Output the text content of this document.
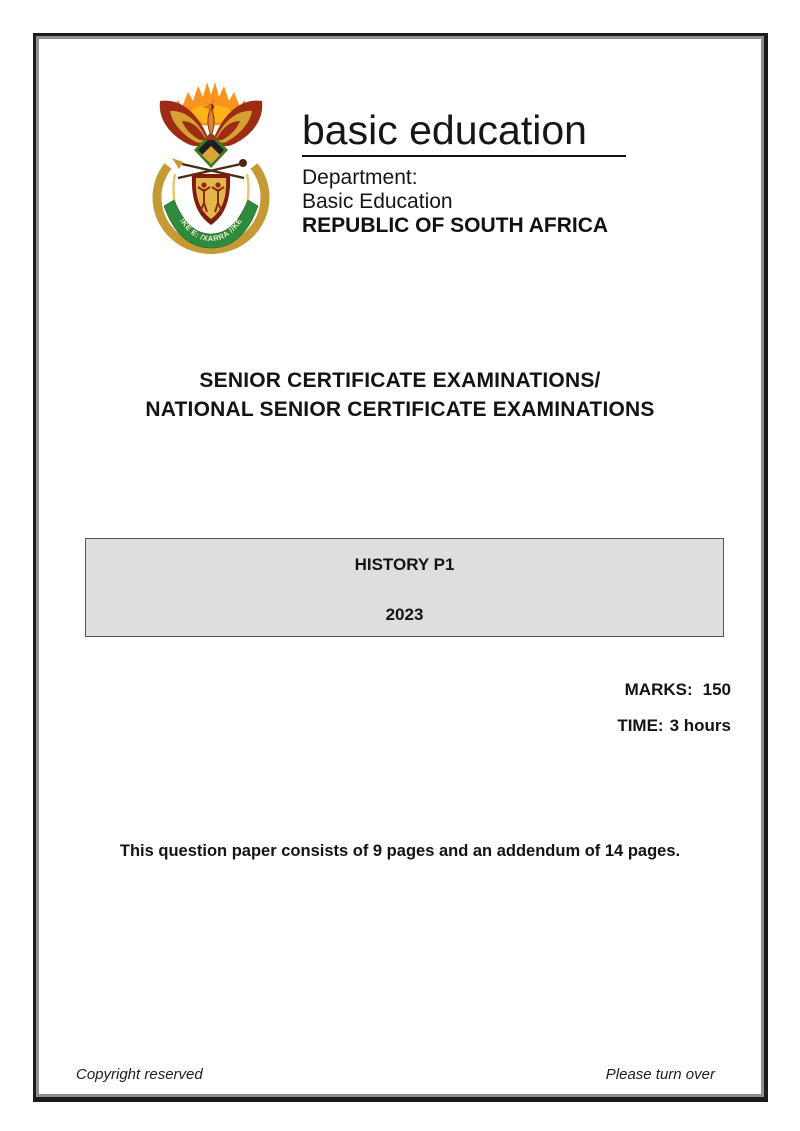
!KE E: /XARRA //KE
basic education
Department:
Basic Education
REPUBLIC OF SOUTH AFRICA
SENIOR CERTIFICATE EXAMINATIONS/
NATIONAL SENIOR CERTIFICATE EXAMINATIONS
HISTORY P1
2023
MARKS: 150
TIME: 3 hours
This question paper consists of 9 pages and an addendum of 14 pages.
Copyright reserved	Please turn over
